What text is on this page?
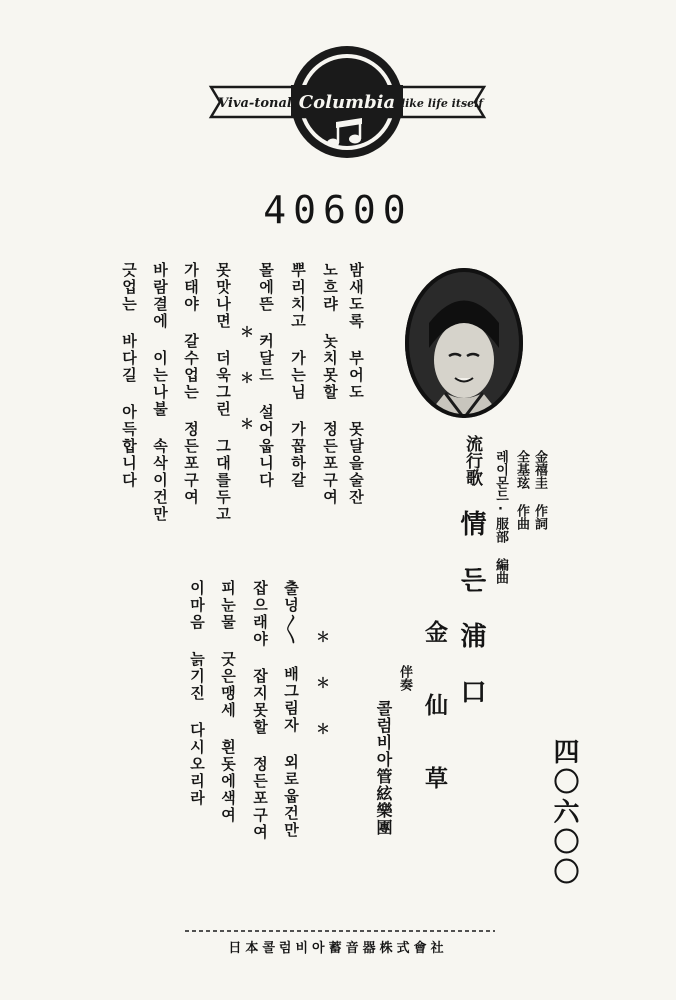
Viva-tonal Columbia like life itself
40600
金禧圭 作詞
全基玹 作曲
레이몬드·服部 編曲
流行歌
情든浦口
伴奏 金仙草
콜럼비아管絃樂團	四〇六〇〇
밤새도록 부어도 못달을술잔
노흐랴 놋치못할 정든포구여
뿌리치고 가는님 가꼽하갈
몰에뜬 커달드 설어웁니다
＊ ＊ ＊
못맛나면 더욱그린 그대를두고
가태야 갈수업는 정든포구여
바람결에 이는나불 속삭이건만
긋업는 바다길 아득합니다
＊ ＊ ＊
출넝〳〵 배그림자 외로웁건만
잡으래야 잡지못할 정든포구여
피눈물 굿은맹세 흰돗에색여
이마음 늙기진 다시오리라
日本콜럼비아蓄音器株式會社
